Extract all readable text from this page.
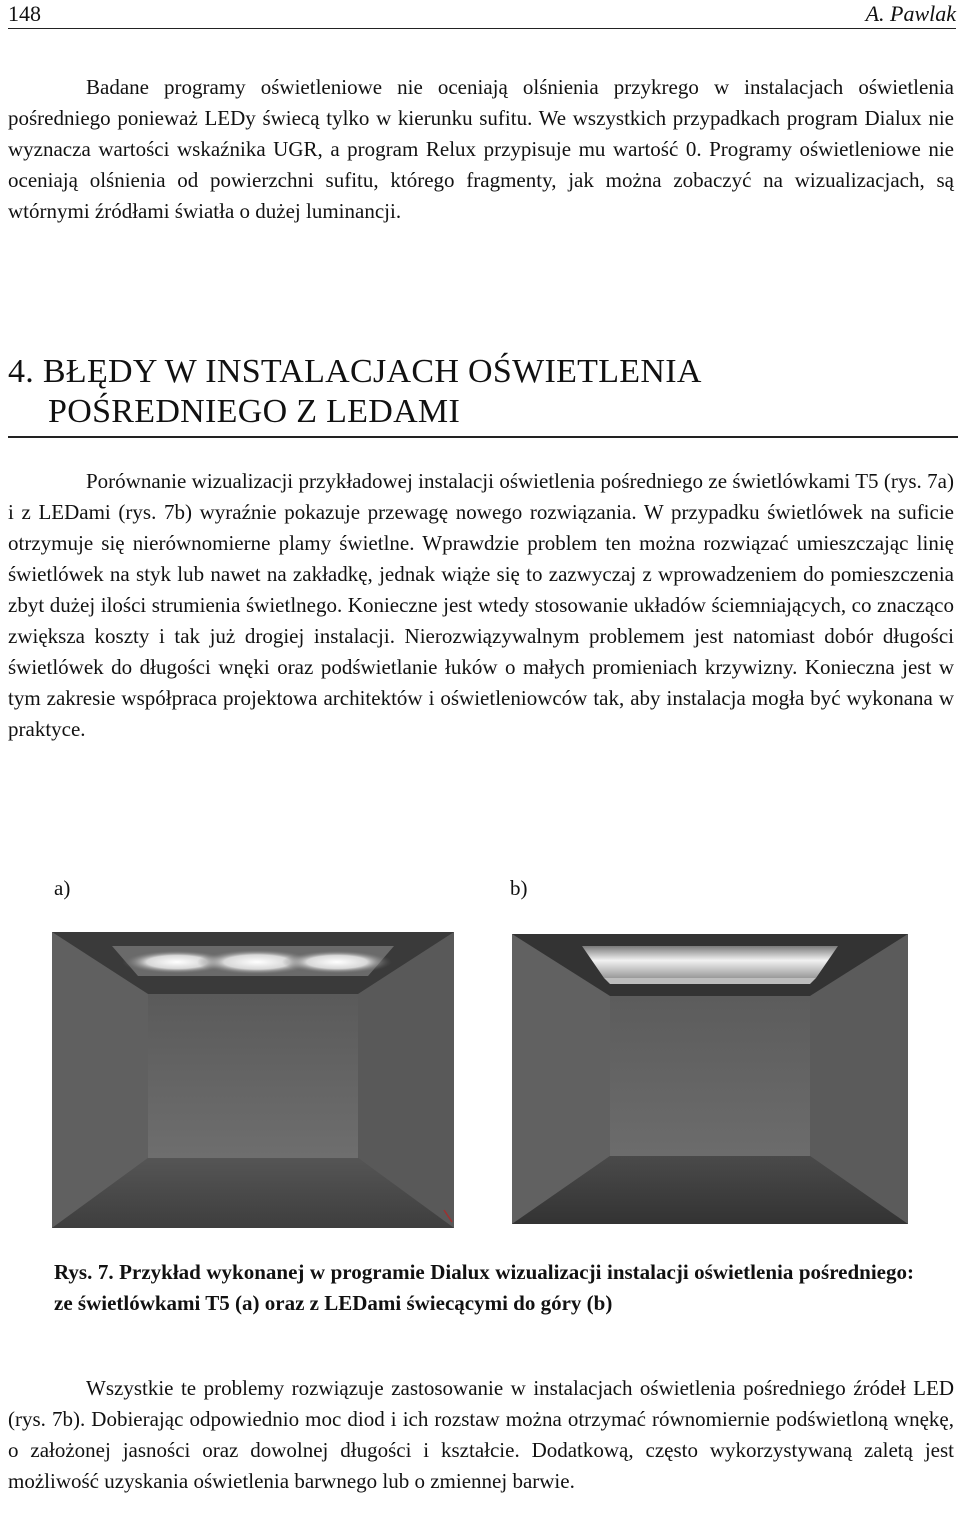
148	A. Pawlak

Badane programy oświetleniowe nie oceniają olśnienia przykrego w instalacjach oświetlenia pośredniego ponieważ LEDy świecą tylko w kierunku sufitu. We wszystkich przypadkach program Dialux nie wyznacza wartości wskaźnika UGR, a program Relux przypisuje mu wartość 0. Programy oświetleniowe nie oceniają olśnienia od powierzchni sufitu, którego fragmenty, jak można zobaczyć na wizualizacjach, są wtórnymi źródłami światła o dużej luminancji.

4. BŁĘDY W INSTALACJACH OŚWIETLENIA
POŚREDNIEGO Z LEDAMI

Porównanie wizualizacji przykładowej instalacji oświetlenia pośredniego ze świetlówkami T5 (rys. 7a) i z LEDami (rys. 7b) wyraźnie pokazuje przewagę nowego rozwiązania. W przypadku świetlówek na suficie otrzymuje się nierównomierne plamy świetlne. Wprawdzie problem ten można rozwiązać umieszczając linię świetlówek na styk lub nawet na zakładkę, jednak wiąże się to zazwyczaj z wprowadzeniem do pomieszczenia zbyt dużej ilości strumienia świetlnego. Konieczne jest wtedy stosowanie układów ściemniających, co znacząco zwiększa koszty i tak już drogiej instalacji. Nierozwiązywalnym problemem jest natomiast dobór długości świetlówek do długości wnęki oraz podświetlanie łuków o małych promieniach krzywizny. Konieczna jest w tym zakresie współpraca projektowa architektów i oświetleniowców tak, aby instalacja mogła być wykonana w praktyce.

a)	b)
Rys. 7. Przykład wykonanej w programie Dialux wizualizacji instalacji oświetlenia pośredniego: ze świetlówkami T5 (a) oraz z LEDami świecącymi do góry (b)

Wszystkie te problemy rozwiązuje zastosowanie w instalacjach oświetlenia pośredniego źródeł LED (rys. 7b). Dobierając odpowiednio moc diod i ich rozstaw można otrzymać równomiernie podświetloną wnękę, o założonej jasności oraz dowolnej długości i kształcie. Dodatkową, często wykorzystywaną zaletą jest możliwość uzyskania oświetlenia barwnego lub o zmiennej barwie.
